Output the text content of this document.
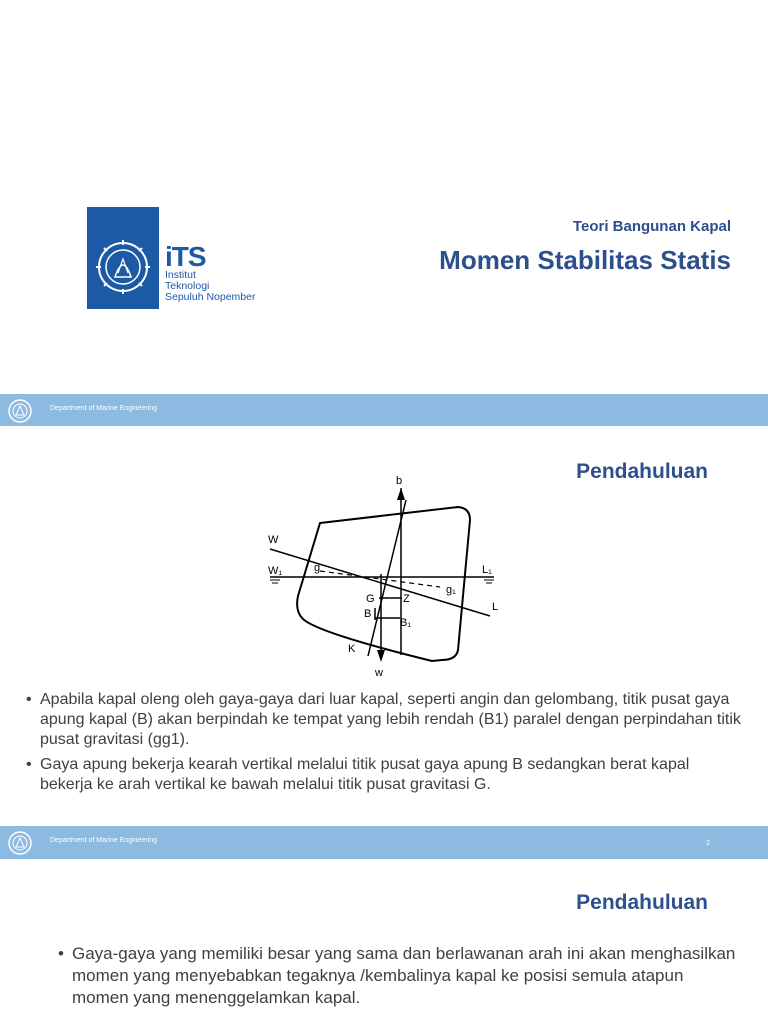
iTS
Institut
Teknologi
Sepuluh Nopember
Teori Bangunan Kapal
Momen Stabilitas Statis
Department of Marine Engineering
Pendahuluan
b
W
W₁	g	L₁
g₁
L
G	Z
B
B₁
K
w
• Apabila kapal oleng oleh gaya-gaya dari luar kapal, seperti angin dan gelombang, titik pusat gaya apung kapal (B) akan berpindah ke tempat yang lebih rendah (B1) paralel dengan perpindahan titik pusat gravitasi (gg1).
• Gaya apung bekerja kearah vertikal melalui titik pusat gaya apung B sedangkan berat kapal bekerja ke arah vertikal ke bawah melalui titik pusat gravitasi G.
Department of Marine Engineering	2
Pendahuluan
• Gaya-gaya yang memiliki besar yang sama dan berlawanan arah ini akan menghasilkan momen yang menyebabkan tegaknya /kembalinya kapal ke posisi semula atapun momen yang menenggelamkan kapal.
